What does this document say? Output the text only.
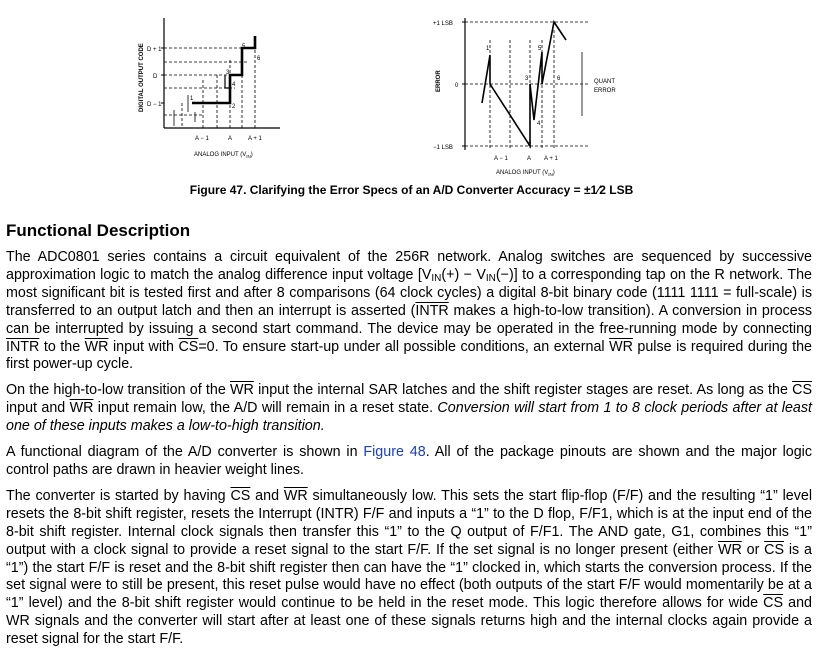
DIGITAL OUTPUT CODE D + 1
D
D − 1
1
2
3
4
5
6
A − 1	A	A + 1
ANALOG INPUT $(V_{IN})$
ERROR
+1 LSB
0
−1 LSB
1
2
3
4
5
6	QUANT
ERROR
A − 1	A A + 1
ANALOG INPUT $(V_{IN})$
Figure 47. Clarifying the Error Specs of an A/D Converter Accuracy = ±1⁄2 LSB
Functional Description

The ADC0801 series contains a circuit equivalent of the 256R network. Analog switches are sequenced by successive approximation logic to match the analog difference input voltage $[V_{IN}(+) - V_{IN}(-)]$ to a corresponding tap on the R network. The most significant bit is tested first and after 8 comparisons (64 clock cycles) a digital 8-bit binary code (1111 1111 = full-scale) is transferred to an output latch and then an interrupt is asserted (INTR makes a high-to-low transition). A conversion in process can be interrupted by issuing a second start command. The device may be operated in the free-running mode by connecting INTR to the $\overline{WR}$ input with $\overline{CS}=0$. To ensure start-up under all possible conditions, an external $\overline{WR}$ pulse is required during the first power-up cycle.

On the high-to-low transition of the $\overline{WR}$ input the internal SAR latches and the shift register stages are reset. As long as the $\overline{CS}$ input and $\overline{WR}$ input remain low, the A/D will remain in a reset state. Conversion will start from 1 to 8 clock periods after at least one of these inputs makes a low-to-high transition.

A functional diagram of the A/D converter is shown in Figure 48. All of the package pinouts are shown and the major logic control paths are drawn in heavier weight lines.

The converter is started by having $\overline{CS}$ and $\overline{WR}$ simultaneously low. This sets the start flip-flop (F/F) and the resulting “1” level resets the 8-bit shift register, resets the Interrupt (INTR) F/F and inputs a “1” to the D flop, F/F1, which is at the input end of the 8-bit shift register. Internal clock signals then transfer this “1” to the Q output of F/F1. The AND gate, G1, combines this “1” output with a clock signal to provide a reset signal to the start F/F. If the set signal is no longer present (either $\overline{WR}$ or $\overline{CS}$ is a “1”) the start F/F is reset and the 8-bit shift register then can have the “1” clocked in, which starts the conversion process. If the set signal were to still be present, this reset pulse would have no effect (both outputs of the start F/F would momentarily be at a “1” level) and the 8-bit shift register would continue to be held in the reset mode. This logic therefore allows for wide $\overline{CS}$ and WR signals and the converter will start after at least one of these signals returns high and the internal clocks again provide a reset signal for the start F/F.
